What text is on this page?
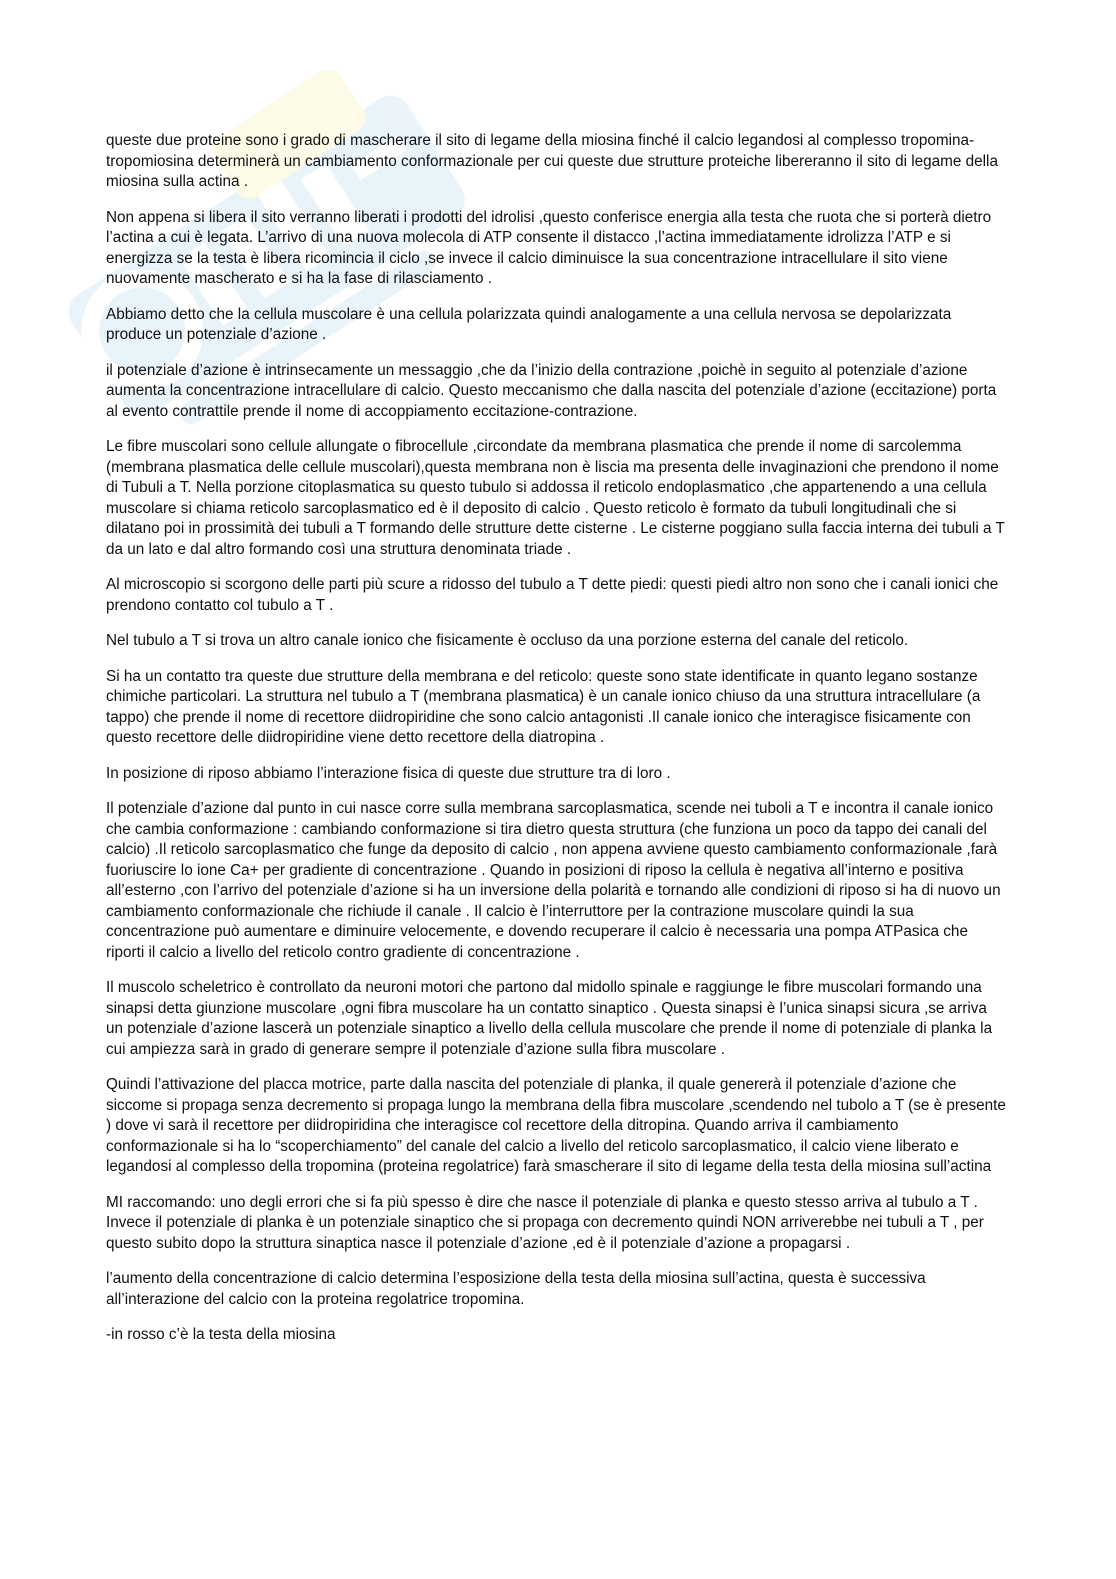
queste due proteine sono i grado di mascherare il sito di legame della miosina finché il calcio legandosi al complesso tropomina-tropomiosina determinerà un cambiamento conformazionale per cui queste due strutture proteiche libereranno il sito di legame della miosina sulla actina .

Non appena si libera il sito verranno liberati i prodotti del idrolisi ,questo conferisce energia alla testa che ruota che si porterà dietro l’actina a cui è legata. L’arrivo di una nuova molecola di ATP consente il distacco ,l’actina immediatamente idrolizza l’ATP e si energizza se la testa è libera ricomincia il ciclo ,se invece il calcio diminuisce la sua concentrazione intracellulare il sito viene nuovamente mascherato e si ha la fase di rilasciamento .

Abbiamo detto che la cellula muscolare è una cellula polarizzata quindi analogamente a una cellula nervosa se depolarizzata produce un potenziale d’azione .

il potenziale d’azione è intrinsecamente un messaggio ,che da l’inizio della contrazione ,poichè in seguito al potenziale d’azione aumenta la concentrazione intracellulare di calcio. Questo meccanismo che dalla nascita del potenziale d’azione (eccitazione) porta al evento contrattile prende il nome di accoppiamento eccitazione-contrazione.

Le fibre muscolari sono cellule allungate o fibrocellule ,circondate da membrana plasmatica che prende il nome di sarcolemma (membrana plasmatica delle cellule muscolari),questa membrana non è liscia ma presenta delle invaginazioni che prendono il nome di Tubuli a T. Nella porzione citoplasmatica su questo tubulo si addossa il reticolo endoplasmatico ,che appartenendo a una cellula muscolare si chiama reticolo sarcoplasmatico ed è il deposito di calcio . Questo reticolo è formato da tubuli longitudinali che si dilatano poi in prossimità dei tubuli a T formando delle strutture dette cisterne . Le cisterne poggiano sulla faccia interna dei tubuli a T da un lato e dal altro formando così una struttura denominata triade .

Al microscopio si scorgono delle parti più scure a ridosso del tubulo a T dette piedi: questi piedi altro non sono che i canali ionici che prendono contatto col tubulo a T .

Nel tubulo a T si trova un altro canale ionico che fisicamente è occluso da una porzione esterna del canale del reticolo.

Si ha un contatto tra queste due strutture della membrana e del reticolo: queste sono state identificate in quanto legano sostanze chimiche particolari. La struttura nel tubulo a T (membrana plasmatica) è un canale ionico chiuso da una struttura intracellulare (a tappo) che prende il nome di recettore diidropiridine che sono calcio antagonisti .Il canale ionico che interagisce fisicamente con questo recettore delle diidropiridine viene detto recettore della diatropina .

In posizione di riposo abbiamo l’interazione fisica di queste due strutture tra di loro .

Il potenziale d’azione dal punto in cui nasce corre sulla membrana sarcoplasmatica, scende nei tuboli a T e incontra il canale ionico che cambia conformazione : cambiando conformazione si tira dietro questa struttura (che funziona un poco da tappo dei canali del calcio) .Il reticolo sarcoplasmatico che funge da deposito di calcio , non appena avviene questo cambiamento conformazionale ,farà fuoriuscire lo ione Ca+ per gradiente di concentrazione . Quando in posizioni di riposo la cellula è negativa all’interno e positiva all’esterno ,con l’arrivo del potenziale d’azione si ha un inversione della polarità e tornando alle condizioni di riposo si ha di nuovo un cambiamento conformazionale che richiude il canale . Il calcio è l’interruttore per la contrazione muscolare quindi la sua concentrazione può aumentare e diminuire velocemente, e dovendo recuperare il calcio è necessaria una pompa ATPasica che riporti il calcio a livello del reticolo contro gradiente di concentrazione .

Il muscolo scheletrico è controllato da neuroni motori che partono dal midollo spinale e raggiunge le fibre muscolari formando una sinapsi detta giunzione muscolare ,ogni fibra muscolare ha un contatto sinaptico . Questa sinapsi è l’unica sinapsi sicura ,se arriva un potenziale d’azione lascerà un potenziale sinaptico a livello della cellula muscolare che prende il nome di potenziale di planka la cui ampiezza sarà in grado di generare sempre il potenziale d’azione sulla fibra muscolare .

Quindi l’attivazione del placca motrice, parte dalla nascita del potenziale di planka, il quale genererà il potenziale d’azione che siccome si propaga senza decremento si propaga lungo la membrana della fibra muscolare ,scendendo nel tubolo a T (se è presente ) dove vi sarà il recettore per diidropiridina che interagisce col recettore della ditropina. Quando arriva il cambiamento conformazionale si ha lo “scoperchiamento” del canale del calcio a livello del reticolo sarcoplasmatico, il calcio viene liberato e legandosi al complesso della tropomina (proteina regolatrice) farà smascherare il sito di legame della testa della miosina sull’actina

MI raccomando: uno degli errori che si fa più spesso è dire che nasce il potenziale di planka e questo stesso arriva al tubulo a T . Invece il potenziale di planka è un potenziale sinaptico che si propaga con decremento quindi NON arriverebbe nei tubuli a T , per questo subito dopo la struttura sinaptica nasce il potenziale d’azione ,ed è il potenziale d’azione a propagarsi .

l’aumento della concentrazione di calcio determina l’esposizione della testa della miosina sull’actina, questa è successiva all’interazione del calcio con la proteina regolatrice tropomina.

-in rosso c’è la testa della miosina
